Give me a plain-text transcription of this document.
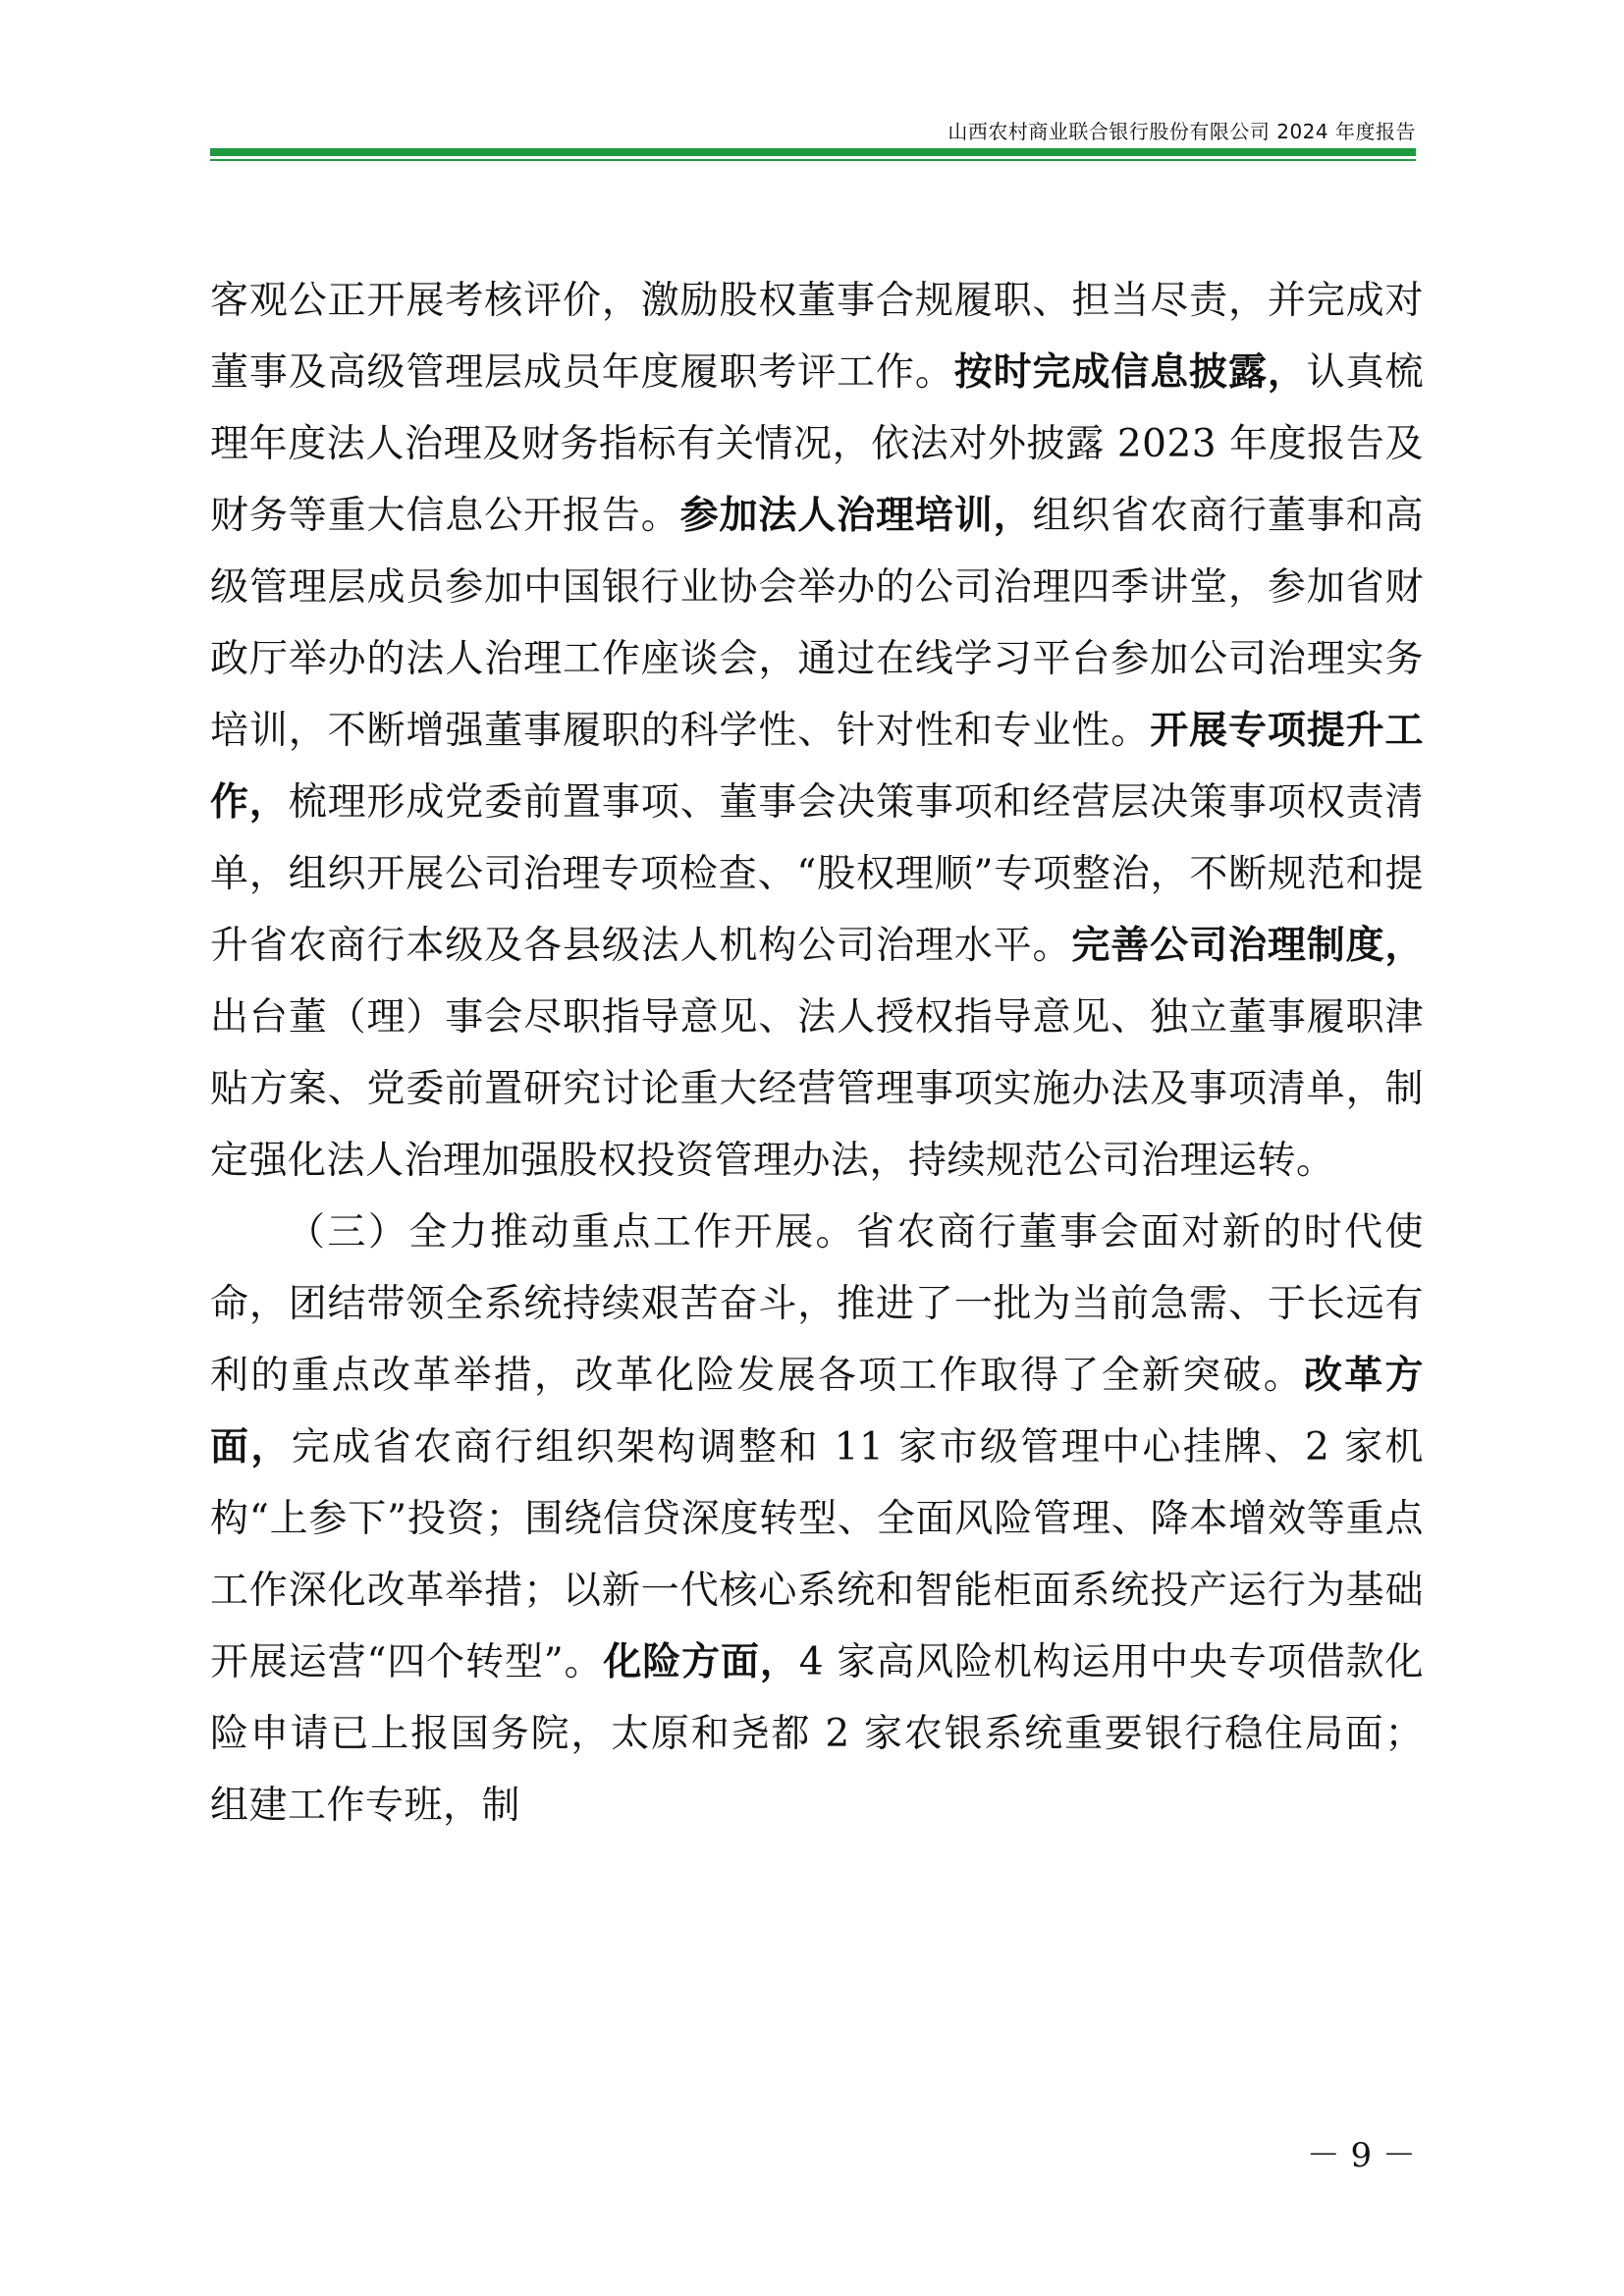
山西农村商业联合银行股份有限公司 2024 年度报告

客观公正开展考核评价，激励股权董事合规履职、担当尽责，并完成对董事及高级管理层成员年度履职考评工作。按时完成信息披露，认真梳理年度法人治理及财务指标有关情况，依法对外披露 2023 年度报告及财务等重大信息公开报告。参加法人治理培训，组织省农商行董事和高级管理层成员参加中国银行业协会举办的公司治理四季讲堂，参加省财政厅举办的法人治理工作座谈会，通过在线学习平台参加公司治理实务培训，不断增强董事履职的科学性、针对性和专业性。开展专项提升工作，梳理形成党委前置事项、董事会决策事项和经营层决策事项权责清单，组织开展公司治理专项检查、“股权理顺”专项整治，不断规范和提升省农商行本级及各县级法人机构公司治理水平。完善公司治理制度，出台董（理）事会尽职指导意见、法人授权指导意见、独立董事履职津贴方案、党委前置研究讨论重大经营管理事项实施办法及事项清单，制定强化法人治理加强股权投资管理办法，持续规范公司治理运转。

（三）全力推动重点工作开展。省农商行董事会面对新的时代使命，团结带领全系统持续艰苦奋斗，推进了一批为当前急需、于长远有利的重点改革举措，改革化险发展各项工作取得了全新突破。改革方面，完成省农商行组织架构调整和 11 家市级管理中心挂牌、2 家机构“上参下”投资；围绕信贷深度转型、全面风险管理、降本增效等重点工作深化改革举措；以新一代核心系统和智能柜面系统投产运行为基础开展运营“四个转型”。化险方面，4 家高风险机构运用中央专项借款化险申请已上报国务院，太原和尧都 2 家农银系统重要银行稳住局面；组建工作专班，制

－ 9 －
